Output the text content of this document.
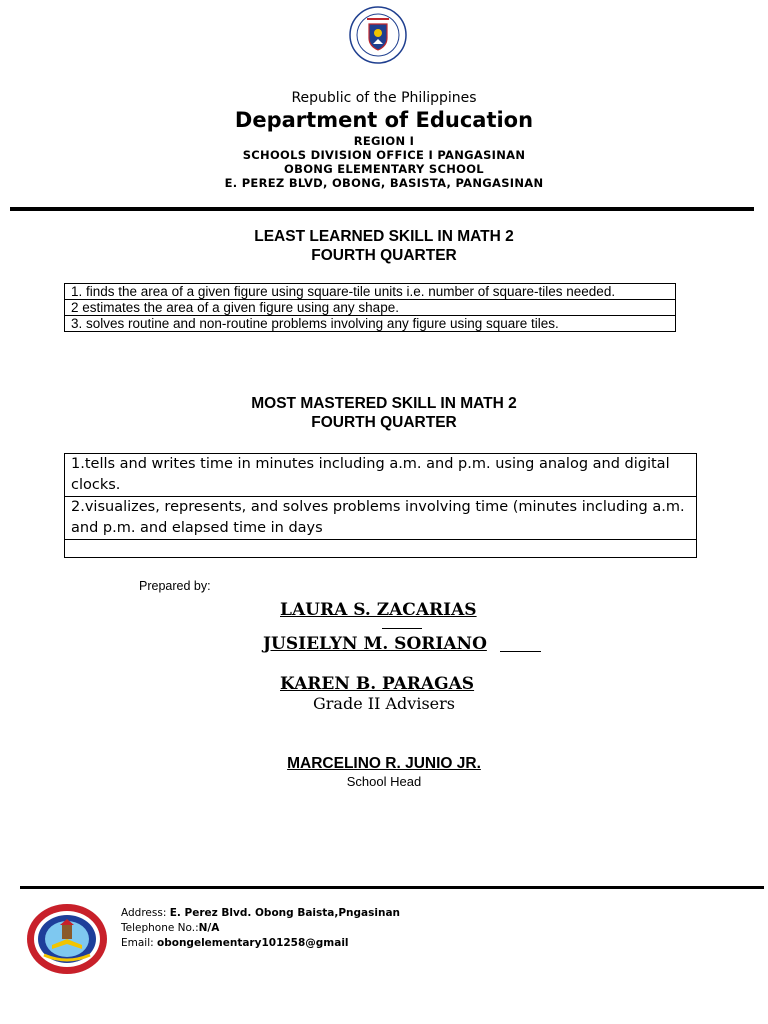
Republic of the Philippines
Department of Education
REGION I
SCHOOLS DIVISION OFFICE I PANGASINAN
OBONG ELEMENTARY SCHOOL
E. PEREZ BLVD, OBONG, BASISTA, PANGASINAN
LEAST LEARNED SKILL IN MATH 2
FOURTH QUARTER
1. finds the area of a given figure using square-tile units i.e. number of square-tiles needed.
2 estimates the area of a given figure using any shape.
3. solves routine and non-routine problems involving any figure using square tiles.
MOST MASTERED SKILL IN MATH 2
FOURTH QUARTER
1.tells and writes time in minutes including a.m. and p.m. using analog and digital clocks.
2.visualizes, represents, and solves problems involving time (minutes including a.m. and p.m. and elapsed time in days

Prepared by:
LAURA S. ZACARIAS
JUSIELYN M. SORIANO
KAREN B. PARAGAS
Grade II Advisers
MARCELINO R. JUNIO JR.
School Head
Address: E. Perez Blvd. Obong Baista,Pngasinan
Telephone No.:N/A
Email: obongelementary101258@gmail
